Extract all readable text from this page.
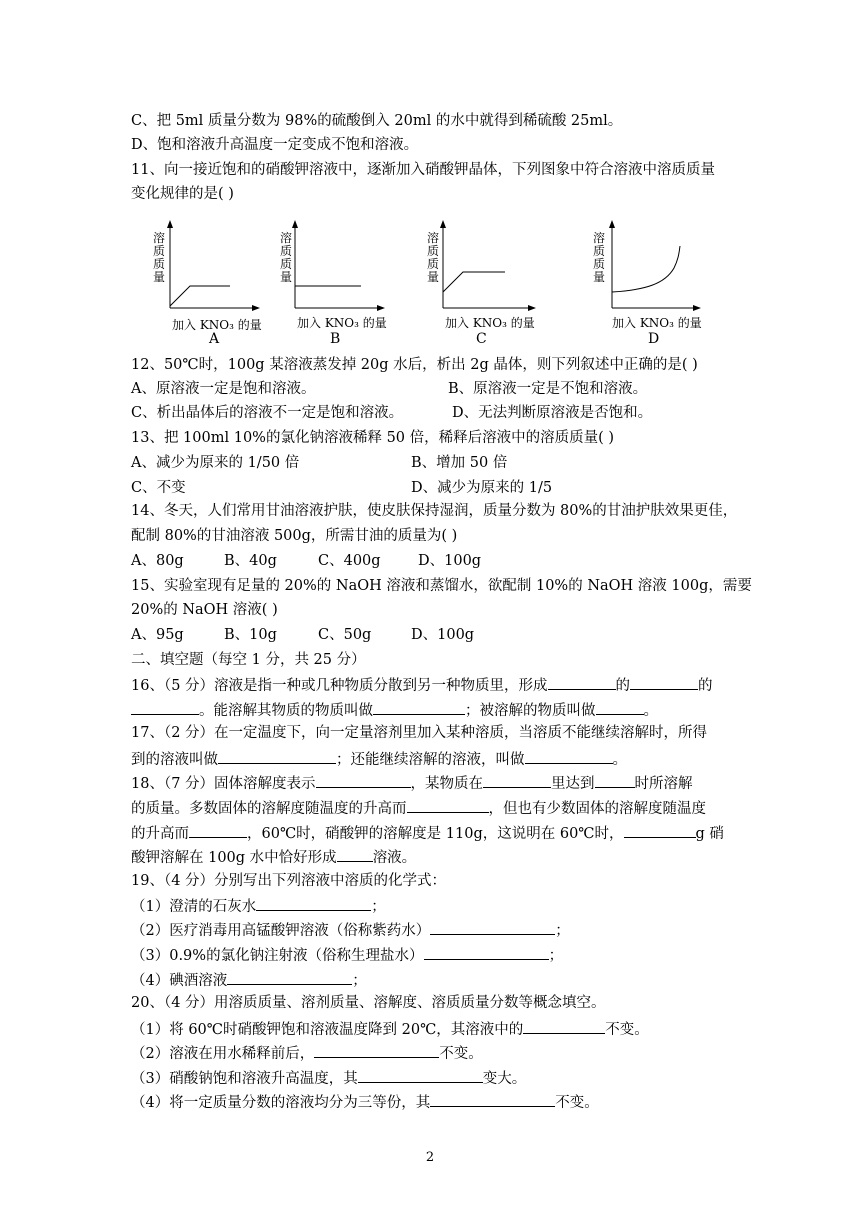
C、把 5ml 质量分数为 98%的硫酸倒入 20ml 的水中就得到稀硫酸 25ml。
D、饱和溶液升高温度一定变成不饱和溶液。
11、向一接近饱和的硝酸钾溶液中，逐渐加入硝酸钾晶体，下列图象中符合溶液中溶质质量
变化规律的是( )
溶
质
质
量
加入 KNO₃ 的量
A
溶
质
质
量
加入 KNO₃ 的量
B
溶
质
质
量
加入 KNO₃ 的量
C
溶
质
质
量
加入 KNO₃ 的量
D
12、50℃时，100g 某溶液蒸发掉 20g 水后，析出 2g 晶体，则下列叙述中正确的是( )
A、原溶液一定是饱和溶液。	B、原溶液一定是不饱和溶液。
C、析出晶体后的溶液不一定是饱和溶液。	D、无法判断原溶液是否饱和。
13、把 100ml 10%的氯化钠溶液稀释 50 倍，稀释后溶液中的溶质质量( )
A、减少为原来的 1/50 倍	B、增加 50 倍
C、不变	D、减少为原来的 1/5
14、冬天，人们常用甘油溶液护肤，使皮肤保持湿润，质量分数为 80%的甘油护肤效果更佳，
配制 80%的甘油溶液 500g，所需甘油的质量为( )
A、80g	B、40g	C、400g	D、100g
15、实验室现有足量的 20%的 NaOH 溶液和蒸馏水，欲配制 10%的 NaOH 溶液 100g，需要
20%的 NaOH 溶液( )
A、95g	B、10g	C、50g	D、100g
二、填空题（每空 1 分，共 25 分）
16、（5 分）溶液是指一种或几种物质分散到另一种物质里，形成	的	的
。能溶解其物质的物质叫做	；被溶解的物质叫做	。
17、（2 分）在一定温度下，向一定量溶剂里加入某种溶质，当溶质不能继续溶解时，所得
到的溶液叫做	；还能继续溶解的溶液，叫做	。
18、（7 分）固体溶解度表示	，某物质在	里达到	时所溶解
的质量。多数固体的溶解度随温度的升高而	，但也有少数固体的溶解度随温度
的升高而	，60℃时，硝酸钾的溶解度是 110g，这说明在 60℃时，	g 硝
酸钾溶解在 100g 水中恰好形成 溶液。
19、（4 分）分别写出下列溶液中溶质的化学式：
（1）澄清的石灰水	；
（2）医疗消毒用高锰酸钾溶液（俗称紫药水）	；
（3）0.9%的氯化钠注射液（俗称生理盐水）	；
（4）碘酒溶液	；
20、（4 分）用溶质质量、溶剂质量、溶解度、溶质质量分数等概念填空。
（1）将 60℃时硝酸钾饱和溶液温度降到 20℃，其溶液中的	不变。
（2）溶液在用水稀释前后，	不变。
（3）硝酸钠饱和溶液升高温度，其	变大。
（4）将一定质量分数的溶液均分为三等份，其	不变。
2
